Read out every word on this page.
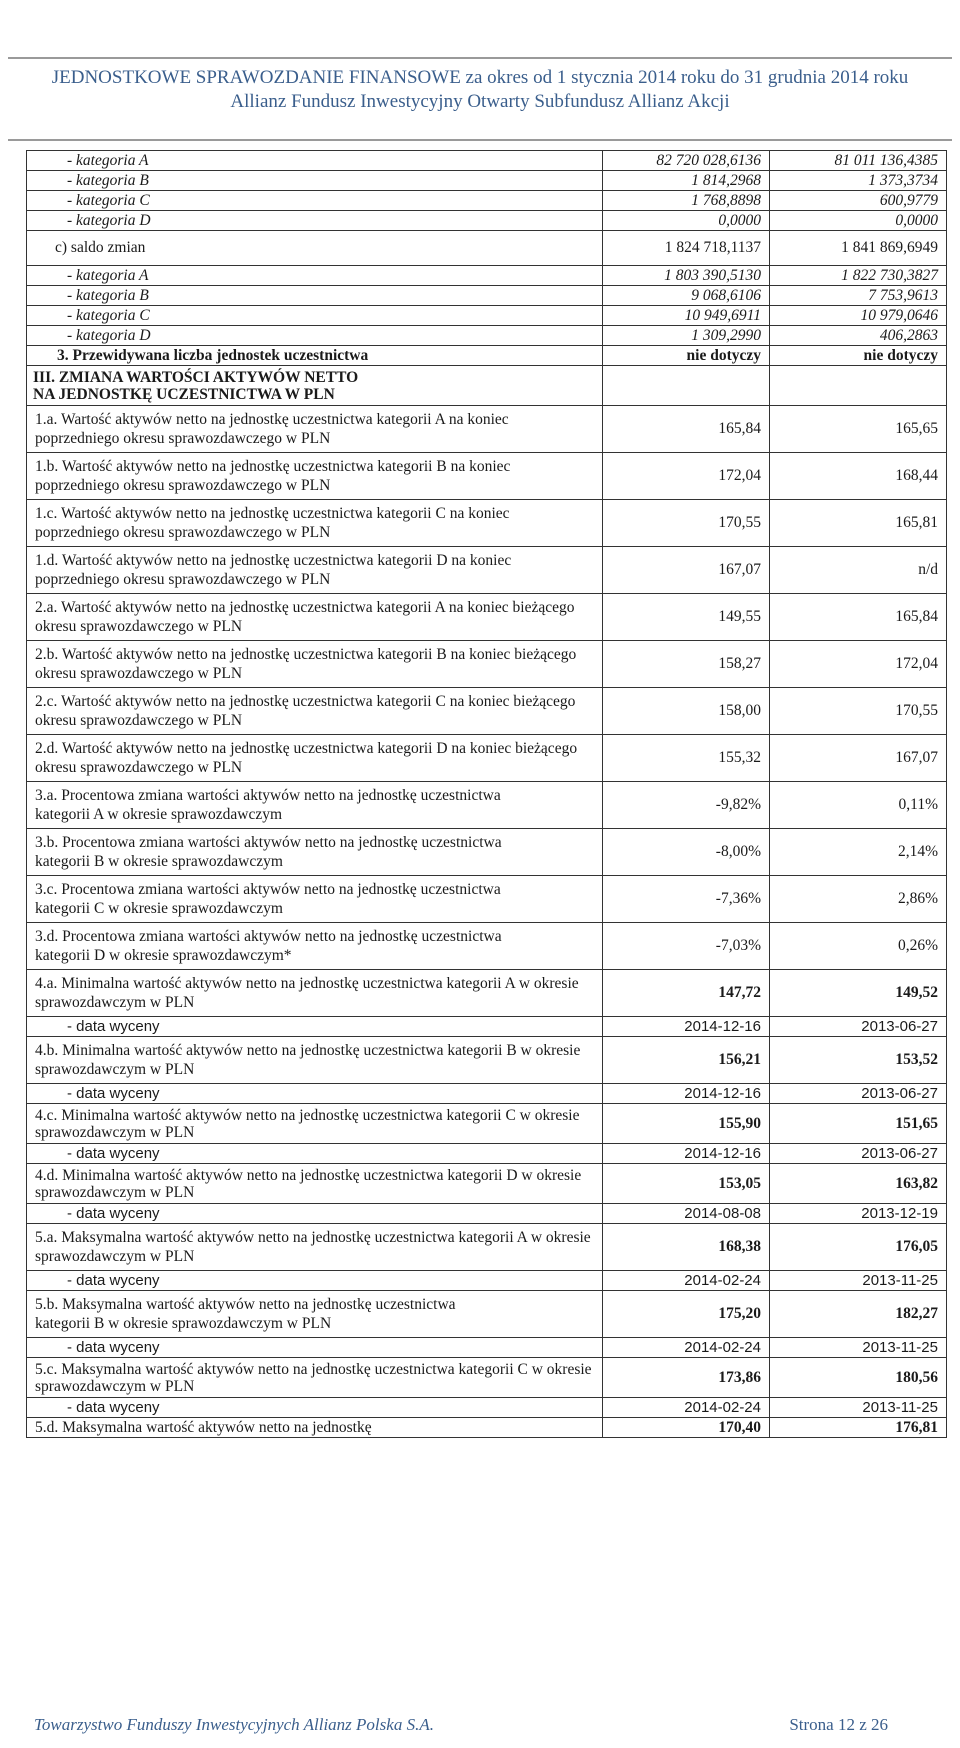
JEDNOSTKOWE SPRAWOZDANIE FINANSOWE za okres od 1 stycznia 2014 roku do 31 grudnia 2014 roku
Allianz Fundusz Inwestycyjny Otwarty Subfundusz Allianz Akcji
- kategoria A	82 720 028,6136	81 011 136,4385
- kategoria B	1 814,2968	1 373,3734
- kategoria C	1 768,8898	600,9779
- kategoria D	0,0000	0,0000
c) saldo zmian	1 824 718,1137	1 841 869,6949
- kategoria A	1 803 390,5130	1 822 730,3827
- kategoria B	9 068,6106	7 753,9613
- kategoria C	10 949,6911	10 979,0646
- kategoria D	1 309,2990	406,2863
3. Przewidywana liczba jednostek uczestnictwa	nie dotyczy	nie dotyczy
III. ZMIANA WARTOŚCI AKTYWÓW NETTO NA JEDNOSTKĘ UCZESTNICTWA W PLN		
1.a. Wartość aktywów netto na jednostkę uczestnictwa kategorii A na koniec poprzedniego okresu sprawozdawczego w PLN	165,84	165,65
1.b. Wartość aktywów netto na jednostkę uczestnictwa kategorii B na koniec poprzedniego okresu sprawozdawczego w PLN	172,04	168,44
1.c. Wartość aktywów netto na jednostkę uczestnictwa kategorii C na koniec poprzedniego okresu sprawozdawczego w PLN	170,55	165,81
1.d. Wartość aktywów netto na jednostkę uczestnictwa kategorii D na koniec poprzedniego okresu sprawozdawczego w PLN	167,07	n/d
2.a. Wartość aktywów netto na jednostkę uczestnictwa kategorii A na koniec bieżącego okresu sprawozdawczego w PLN	149,55	165,84
2.b. Wartość aktywów netto na jednostkę uczestnictwa kategorii B na koniec bieżącego okresu sprawozdawczego w PLN	158,27	172,04
2.c. Wartość aktywów netto na jednostkę uczestnictwa kategorii C na koniec bieżącego okresu sprawozdawczego w PLN	158,00	170,55
2.d. Wartość aktywów netto na jednostkę uczestnictwa kategorii D na koniec bieżącego okresu sprawozdawczego w PLN	155,32	167,07
3.a. Procentowa zmiana wartości aktywów netto na jednostkę uczestnictwa kategorii A w okresie sprawozdawczym	-9,82%	0,11%
3.b. Procentowa zmiana wartości aktywów netto na jednostkę uczestnictwa kategorii B w okresie sprawozdawczym	-8,00%	2,14%
3.c. Procentowa zmiana wartości aktywów netto na jednostkę uczestnictwa kategorii C w okresie sprawozdawczym	-7,36%	2,86%
3.d. Procentowa zmiana wartości aktywów netto na jednostkę uczestnictwa kategorii D w okresie sprawozdawczym*	-7,03%	0,26%
4.a. Minimalna wartość aktywów netto na jednostkę uczestnictwa kategorii A w okresie sprawozdawczym w PLN	147,72	149,52
- data wyceny	2014-12-16	2013-06-27
4.b. Minimalna wartość aktywów netto na jednostkę uczestnictwa kategorii B w okresie sprawozdawczym w PLN	156,21	153,52
- data wyceny	2014-12-16	2013-06-27
4.c. Minimalna wartość aktywów netto na jednostkę uczestnictwa kategorii C w okresie sprawozdawczym w PLN	155,90	151,65
- data wyceny	2014-12-16	2013-06-27
4.d. Minimalna wartość aktywów netto na jednostkę uczestnictwa kategorii D w okresie sprawozdawczym w PLN	153,05	163,82
- data wyceny	2014-08-08	2013-12-19
5.a. Maksymalna wartość aktywów netto na jednostkę uczestnictwa kategorii A w okresie sprawozdawczym w PLN	168,38	176,05
- data wyceny	2014-02-24	2013-11-25
5.b. Maksymalna wartość aktywów netto na jednostkę uczestnictwa kategorii B w okresie sprawozdawczym w PLN	175,20	182,27
- data wyceny	2014-02-24	2013-11-25
5.c. Maksymalna wartość aktywów netto na jednostkę uczestnictwa kategorii C w okresie sprawozdawczym w PLN	173,86	180,56
- data wyceny	2014-02-24	2013-11-25
5.d. Maksymalna wartość aktywów netto na jednostkę	170,40	176,81
Towarzystwo Funduszy Inwestycyjnych Allianz Polska S.A.	Strona 12 z 26
